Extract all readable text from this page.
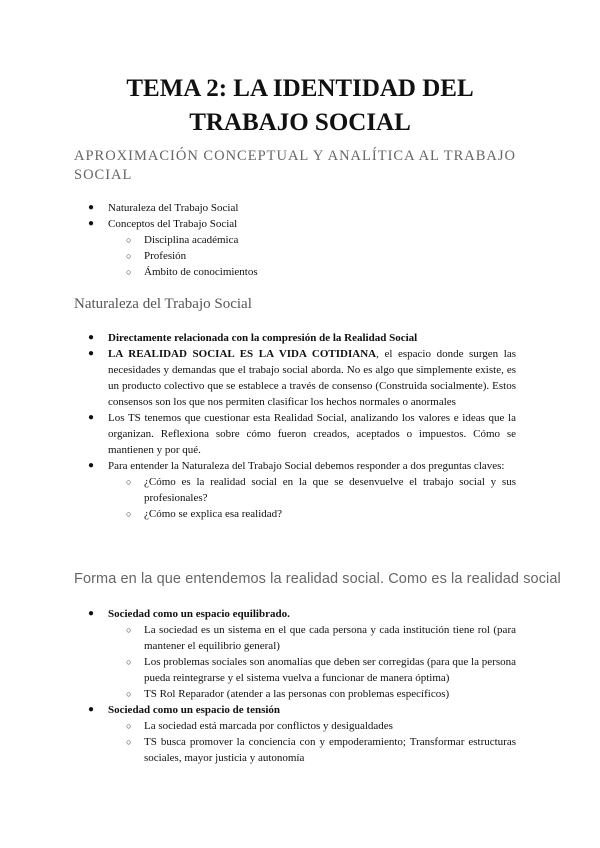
TEMA 2: LA IDENTIDAD DEL
TRABAJO SOCIAL
APROXIMACIÓN CONCEPTUAL Y ANALÍTICA AL TRABAJO SOCIAL
● Naturaleza del Trabajo Social
● Conceptos del Trabajo Social
○ Disciplina académica
○ Profesión
○ Ámbito de conocimientos
Naturaleza del Trabajo Social
● Directamente relacionada con la compresión de la Realidad Social
● LA REALIDAD SOCIAL ES LA VIDA COTIDIANA, el espacio donde surgen las necesidades y demandas que el trabajo social aborda. No es algo que simplemente existe, es un producto colectivo que se establece a través de consenso (Construida socialmente). Estos consensos son los que nos permiten clasificar los hechos normales o anormales
● Los TS tenemos que cuestionar esta Realidad Social, analizando los valores e ideas que la organizan. Reflexiona sobre cómo fueron creados, aceptados o impuestos. Cómo se mantienen y por qué.
● Para entender la Naturaleza del Trabajo Social debemos responder a dos preguntas claves:
○ ¿Cómo es la realidad social en la que se desenvuelve el trabajo social y sus profesionales?
○ ¿Cómo se explica esa realidad?
Forma en la que entendemos la realidad social. Como es la realidad social
● Sociedad como un espacio equilibrado.
○ La sociedad es un sistema en el que cada persona y cada institución tiene rol (para mantener el equilibrio general)
○ Los problemas sociales son anomalías que deben ser corregidas (para que la persona pueda reintegrarse y el sistema vuelva a funcionar de manera óptima)
○ TS Rol Reparador (atender a las personas con problemas específicos)
● Sociedad como un espacio de tensión
○ La sociedad está marcada por conflictos y desigualdades
○ TS busca promover la conciencia con y empoderamiento; Transformar estructuras sociales, mayor justicia y autonomía
